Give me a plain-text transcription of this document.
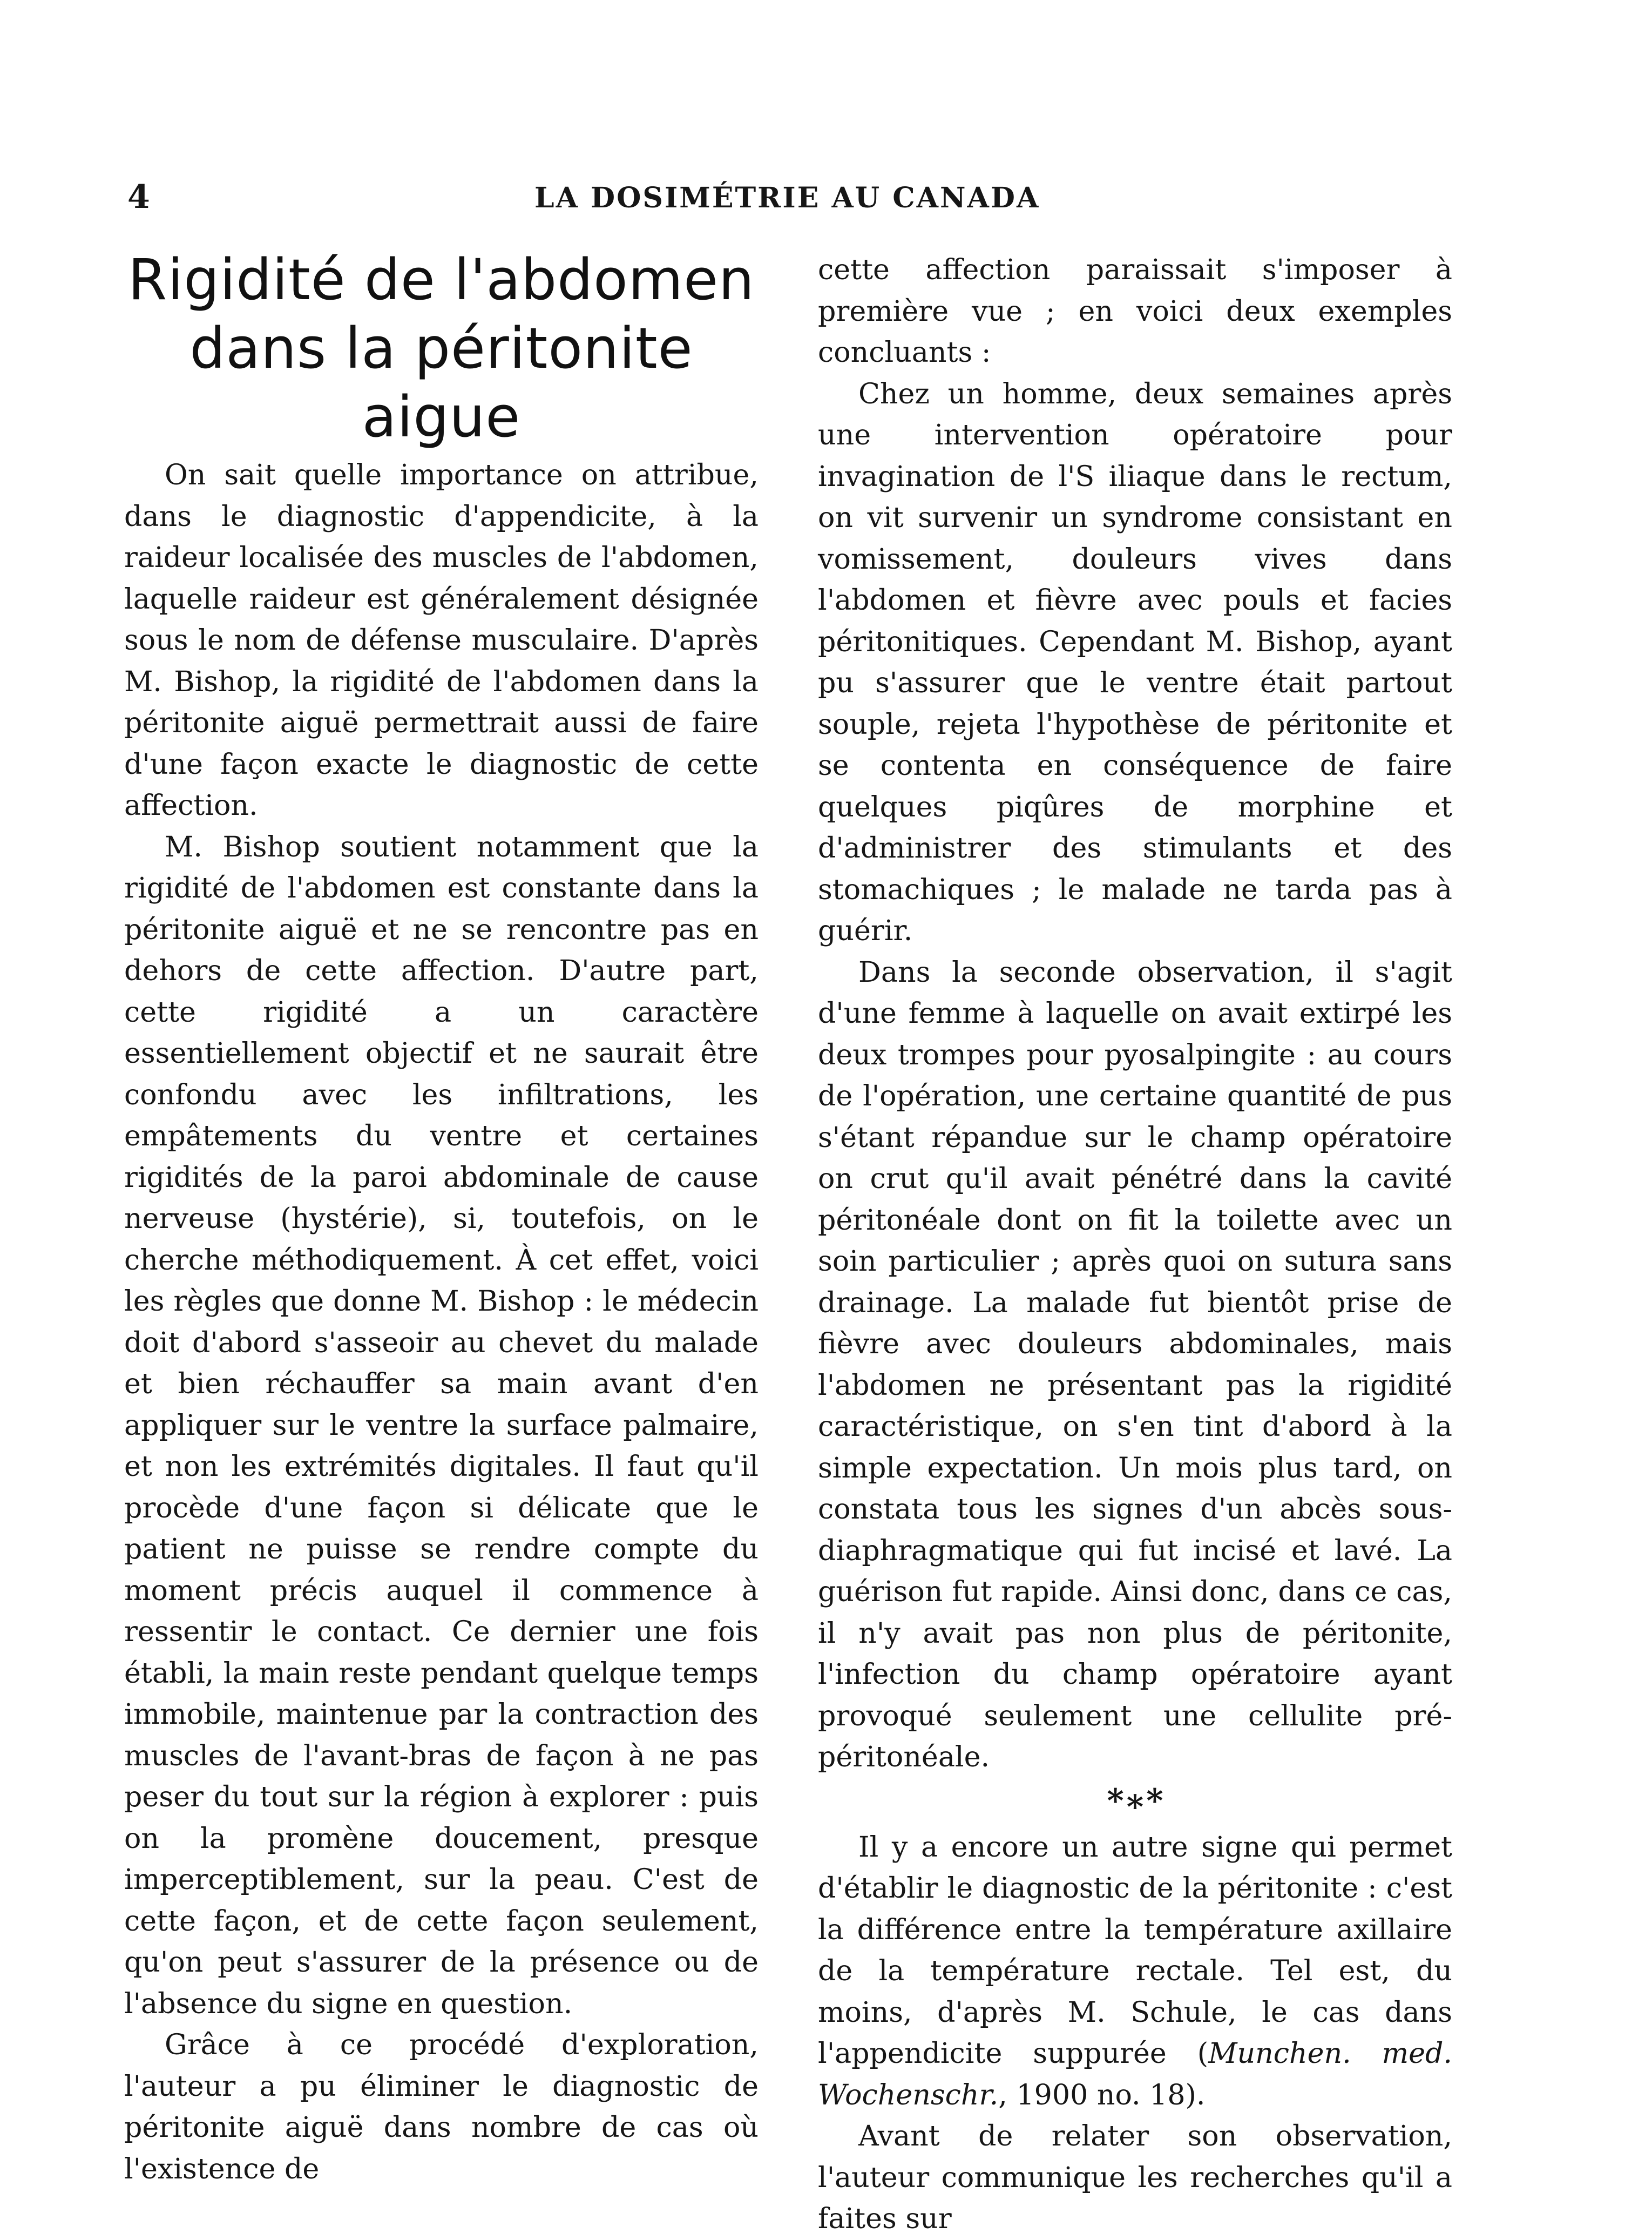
4	LA DOSIMÉTRIE AU CANADA
Rigidité de l'abdomen dans la péritonite aigue

On sait quelle importance on attribue, dans le diagnostic d'appendicite, à la raideur localisée des muscles de l'abdomen, laquelle raideur est généralement désignée sous le nom de défense musculaire. D'après M. Bishop, la rigidité de l'abdomen dans la péritonite aiguë permettrait aussi de faire d'une façon exacte le diagnostic de cette affection.

M. Bishop soutient notamment que la rigidité de l'abdomen est constante dans la péritonite aiguë et ne se rencontre pas en dehors de cette affection. D'autre part, cette rigidité a un caractère essentiellement objectif et ne saurait être confondu avec les infiltrations, les empâtements du ventre et certaines rigidités de la paroi abdominale de cause nerveuse (hystérie), si, toutefois, on le cherche méthodiquement. À cet effet, voici les règles que donne M. Bishop : le médecin doit d'abord s'asseoir au chevet du malade et bien réchauffer sa main avant d'en appliquer sur le ventre la surface palmaire, et non les extrémités digitales. Il faut qu'il procède d'une façon si délicate que le patient ne puisse se rendre compte du moment précis auquel il commence à ressentir le contact. Ce dernier une fois établi, la main reste pendant quelque temps immobile, maintenue par la contraction des muscles de l'avant-bras de façon à ne pas peser du tout sur la région à explorer : puis on la promène doucement, presque imperceptiblement, sur la peau. C'est de cette façon, et de cette façon seulement, qu'on peut s'assurer de la présence ou de l'absence du signe en question.

Grâce à ce procédé d'exploration, l'auteur a pu éliminer le diagnostic de péritonite aiguë dans nombre de cas où l'existence de

cette affection paraissait s'imposer à première vue ; en voici deux exemples concluants :

Chez un homme, deux semaines après une intervention opératoire pour invagination de l'S iliaque dans le rectum, on vit survenir un syndrome consistant en vomissement, douleurs vives dans l'abdomen et fièvre avec pouls et facies péritonitiques. Cependant M. Bishop, ayant pu s'assurer que le ventre était partout souple, rejeta l'hypothèse de péritonite et se contenta en conséquence de faire quelques piqûres de morphine et d'administrer des stimulants et des stomachiques ; le malade ne tarda pas à guérir.

Dans la seconde observation, il s'agit d'une femme à laquelle on avait extirpé les deux trompes pour pyosalpingite : au cours de l'opération, une certaine quantité de pus s'étant répandue sur le champ opératoire on crut qu'il avait pénétré dans la cavité péritonéale dont on fit la toilette avec un soin particulier ; après quoi on sutura sans drainage. La malade fut bientôt prise de fièvre avec douleurs abdominales, mais l'abdomen ne présentant pas la rigidité caractéristique, on s'en tint d'abord à la simple expectation. Un mois plus tard, on constata tous les signes d'un abcès sous-diaphragmatique qui fut incisé et lavé. La guérison fut rapide. Ainsi donc, dans ce cas, il n'y avait pas non plus de péritonite, l'infection du champ opératoire ayant provoqué seulement une cellulite pré-péritonéale.

*∗*

Il y a encore un autre signe qui permet d'établir le diagnostic de la péritonite : c'est la différence entre la température axillaire de la température rectale. Tel est, du moins, d'après M. Schule, le cas dans l'appendicite suppurée (Munchen. med. Wochenschr., 1900 no. 18).

Avant de relater son observation, l'auteur communique les recherches qu'il a faites sur
